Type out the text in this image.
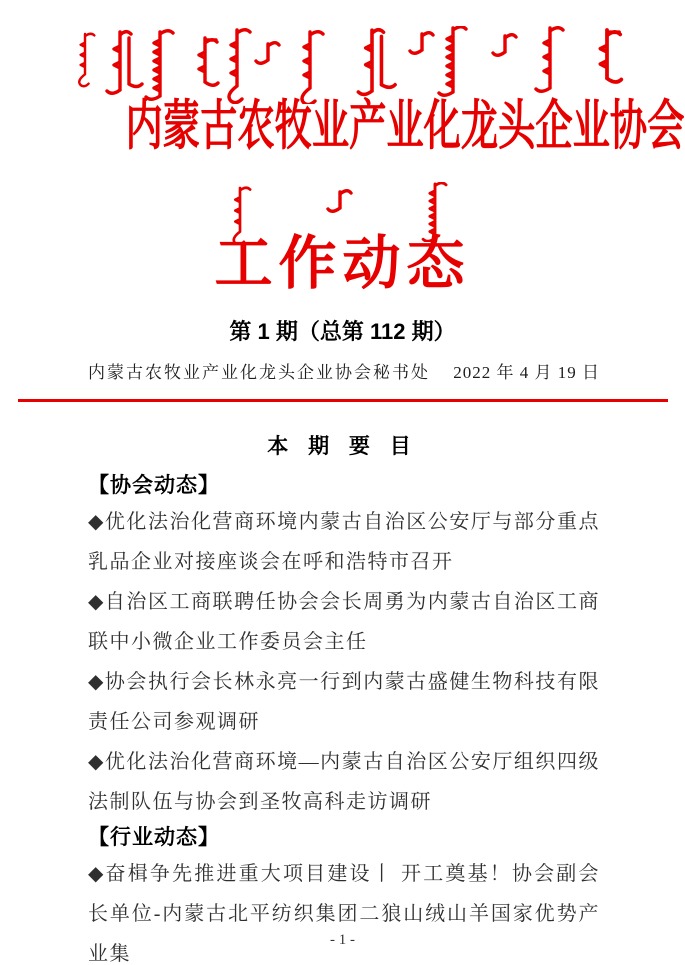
内蒙古农牧业产业化龙头企业协会
工作动态
第 1 期（总第 112 期）
内蒙古农牧业产业化龙头企业协会秘书处 2022 年 4 月 19 日
本 期 要 目
【协会动态】

◆优化法治化营商环境内蒙古自治区公安厅与部分重点乳品企业对接座谈会在呼和浩特市召开

◆自治区工商联聘任协会会长周勇为内蒙古自治区工商联中小微企业工作委员会主任

◆协会执行会长林永亮一行到内蒙古盛健生物科技有限责任公司参观调研

◆优化法治化营商环境—内蒙古自治区公安厅组织四级法制队伍与协会到圣牧高科走访调研

【行业动态】

◆奋楫争先推进重大项目建设丨 开工奠基！协会副会长单位-内蒙古北平纺织集团二狼山绒山羊国家优势产业集

- 1 -
